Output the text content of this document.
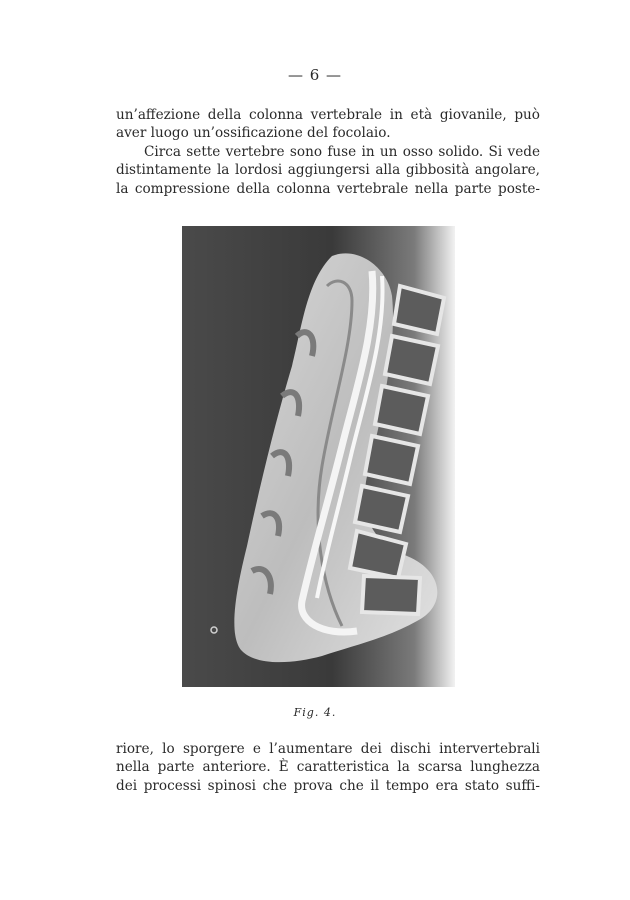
— 6 —
un’affezione della colonna vertebrale in età giovanile, può
aver luogo un’ossificazione del focolaio.
Circa sette vertebre sono fuse in un osso solido. Si vede
distintamente la lordosi aggiungersi alla gibbosità angolare,
la compressione della colonna vertebrale nella parte poste-
Fig. 4.
riore, lo sporgere e l’aumentare dei dischi intervertebrali
nella parte anteriore. È caratteristica la scarsa lunghezza
dei processi spinosi che prova che il tempo era stato suffi-
